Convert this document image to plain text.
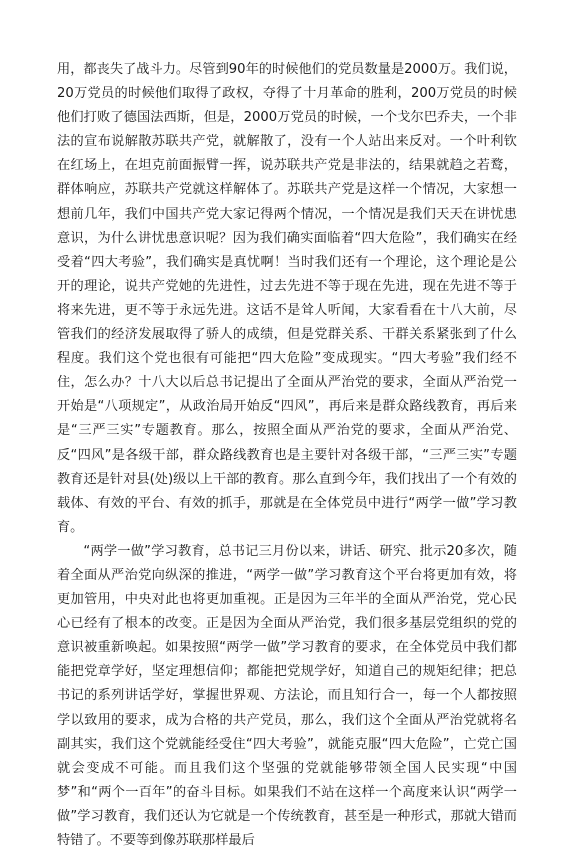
用，都丧失了战斗力。尽管到90年的时候他们的党员数量是2000万。我们说，20万党员的时候他们取得了政权，夺得了十月革命的胜利，200万党员的时候他们打败了德国法西斯，但是，2000万党员的时候，一个戈尔巴乔夫，一个非法的宣布说解散苏联共产党，就解散了，没有一个人站出来反对。一个叶利钦在红场上，在坦克前面振臂一挥，说苏联共产党是非法的，结果就趋之若鹜，群体响应，苏联共产党就这样解体了。苏联共产党是这样一个情况，大家想一想前几年，我们中国共产党大家记得两个情况，一个情况是我们天天在讲忧患意识，为什么讲忧患意识呢？因为我们确实面临着“四大危险”，我们确实在经受着“四大考验”，我们确实是真忧啊！当时我们还有一个理论，这个理论是公开的理论，说共产党她的先进性，过去先进不等于现在先进，现在先进不等于将来先进，更不等于永远先进。这话不是耸人听闻，大家看看在十八大前，尽管我们的经济发展取得了骄人的成绩，但是党群关系、干群关系紧张到了什么程度。我们这个党也很有可能把“四大危险”变成现实。“四大考验”我们经不住，怎么办？十八大以后总书记提出了全面从严治党的要求，全面从严治党一开始是“八项规定”，从政治局开始反“四风”，再后来是群众路线教育，再后来是“三严三实”专题教育。那么，按照全面从严治党的要求，全面从严治党、反“四风”是各级干部，群众路线教育也是主要针对各级干部，“三严三实”专题教育还是针对县(处)级以上干部的教育。那么直到今年，我们找出了一个有效的载体、有效的平台、有效的抓手，那就是在全体党员中进行“两学一做”学习教育。

“两学一做”学习教育，总书记三月份以来，讲话、研究、批示20多次，随着全面从严治党向纵深的推进，“两学一做”学习教育这个平台将更加有效，将更加管用，中央对此也将更加重视。正是因为三年半的全面从严治党，党心民心已经有了根本的改变。正是因为全面从严治党，我们很多基层党组织的党的意识被重新唤起。如果按照“两学一做”学习教育的要求，在全体党员中我们都能把党章学好，坚定理想信仰；都能把党规学好，知道自己的规矩纪律；把总书记的系列讲话学好，掌握世界观、方法论，而且知行合一，每一个人都按照学以致用的要求，成为合格的共产党员，那么，我们这个全面从严治党就将名副其实，我们这个党就能经受住“四大考验”，就能克服“四大危险”，亡党亡国就会变成不可能。而且我们这个坚强的党就能够带领全国人民实现“中国梦”和“两个一百年”的奋斗目标。如果我们不站在这样一个高度来认识“两学一做”学习教育，我们还认为它就是一个传统教育，甚至是一种形式，那就大错而特错了。不要等到像苏联那样最后
